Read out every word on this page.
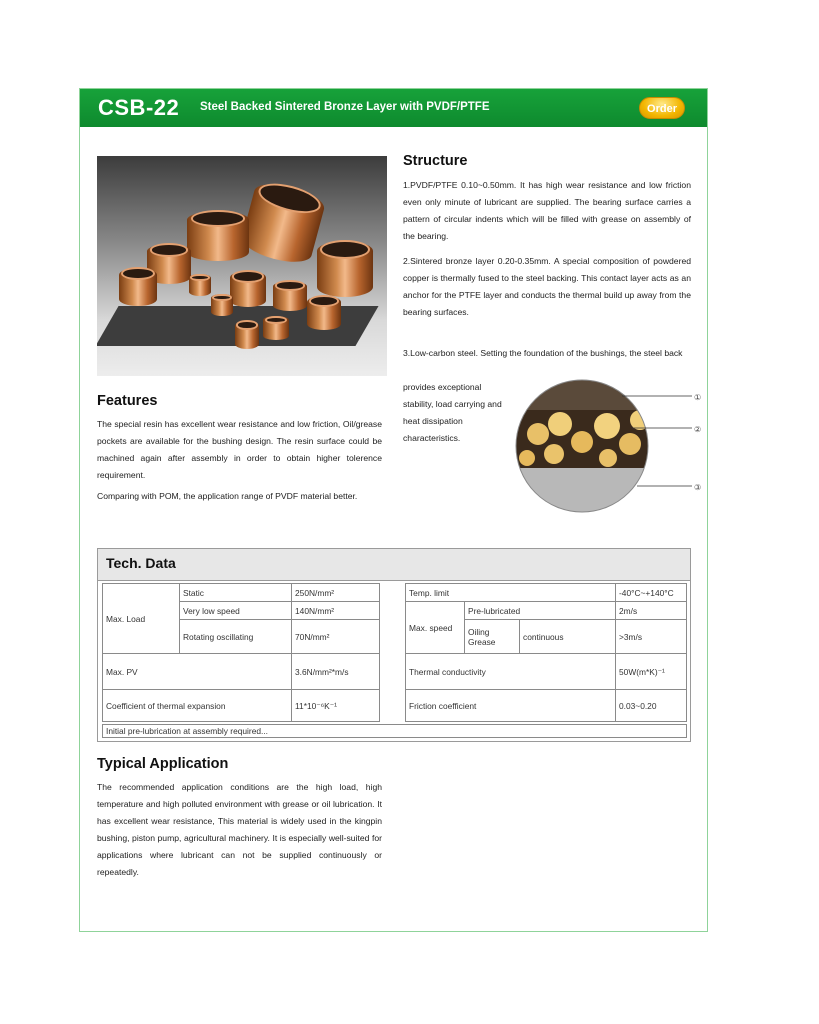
CSB-22 Steel Backed Sintered Bronze Layer with PVDF/PTFE	Order
Structure
1.PVDF/PTFE 0.10~0.50mm. It has high wear resistance and low friction even only minute of lubricant are supplied. The bearing surface carries a pattern of circular indents which will be filled with grease on assembly of the bearing.
2.Sintered bronze layer 0.20-0.35mm. A special composition of powdered copper is thermally fused to the steel backing. This contact layer acts as an anchor for the PTFE layer and conducts the thermal build up away from the bearing surfaces.
3.Low-carbon steel. Setting the foundation of the bushings, the steel back
provides exceptional stability, load carrying and heat dissipation characteristics.
①
②
③
Features
The special resin has excellent wear resistance and low friction, Oil/grease pockets are available for the bushing design. The resin surface could be machined again after assembly in order to obtain higher tolerence requirement.
Comparing with POM, the application range of PVDF material better.
Tech. Data
Max. Load	Static	250N/mm²
	Very low speed	140N/mm²
	Rotating oscillating	70N/mm²
Max. PV		3.6N/mm²*m/s
Coefficient of thermal expansion		11*10⁻⁶K⁻¹
Temp. limit			-40°C~+140°C
Max. speed	Pre-lubricated		2m/s
	Oiling Grease	continuous	>3m/s
Thermal conductivity			50W(m*K)⁻¹
Friction coefficient			0.03~0.20
Initial pre-lubrication at assembly required...
Typical Application
The recommended application conditions are the high load, high temperature and high polluted environment with grease or oil lubrication. It has excellent wear resistance, This material is widely used in the kingpin bushing, piston pump, agricultural machinery. It is especially well-suited for applications where lubricant can not be supplied continuously or repeatedly.
